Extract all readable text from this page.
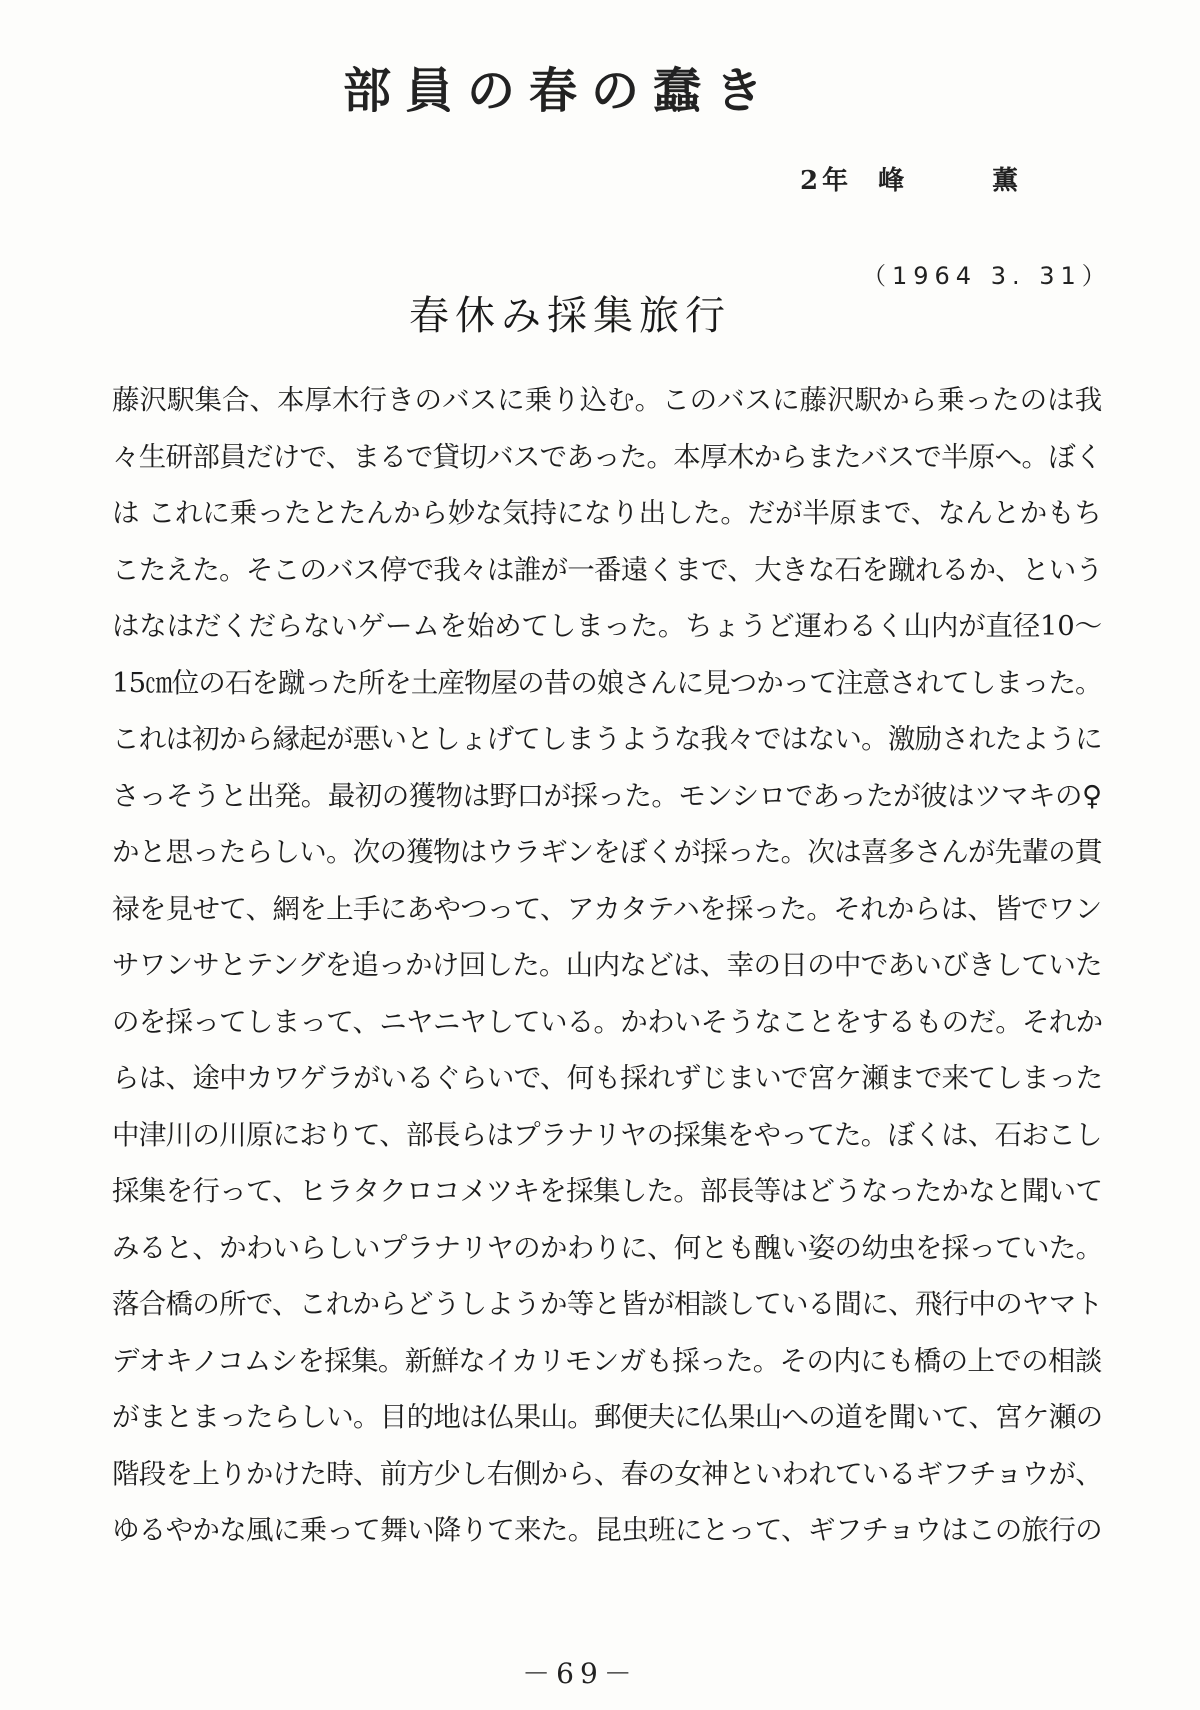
部員の春の蠢き
2年 峰	薫
（1964 3. 31）
春休み採集旅行
藤沢駅集合、本厚木行きのバスに乗り込む。このバスに藤沢駅から乗ったのは我
々生研部員だけで、まるで貸切バスであった。本厚木からまたバスで半原へ。ぼく
は これに乗ったとたんから妙な気持になり出した。だが半原まで、なんとかもち
こたえた。そこのバス停で我々は誰が一番遠くまで、大きな石を蹴れるか、という
はなはだくだらないゲームを始めてしまった。ちょうど運わるく山内が直径10～
15㎝位の石を蹴った所を土産物屋の昔の娘さんに見つかって注意されてしまった。
これは初から縁起が悪いとしょげてしまうような我々ではない。激励されたように
さっそうと出発。最初の獲物は野口が採った。モンシロであったが彼はツマキの♀
かと思ったらしい。次の獲物はウラギンをぼくが採った。次は喜多さんが先輩の貫
禄を見せて、網を上手にあやつって、アカタテハを採った。それからは、皆でワン
サワンサとテングを追っかけ回した。山内などは、幸の日の中であいびきしていた
のを採ってしまって、ニヤニヤしている。かわいそうなことをするものだ。それか
らは、途中カワゲラがいるぐらいで、何も採れずじまいで宮ケ瀬まで来てしまった
中津川の川原におりて、部長らはプラナリヤの採集をやってた。ぼくは、石おこし
採集を行って、ヒラタクロコメツキを採集した。部長等はどうなったかなと聞いて
みると、かわいらしいプラナリヤのかわりに、何とも醜い姿の幼虫を採っていた。
落合橋の所で、これからどうしようか等と皆が相談している間に、飛行中のヤマト
デオキノコムシを採集。新鮮なイカリモンガも採った。その内にも橋の上での相談
がまとまったらしい。目的地は仏果山。郵便夫に仏果山への道を聞いて、宮ケ瀬の
階段を上りかけた時、前方少し右側から、春の女神といわれているギフチョウが、
ゆるやかな風に乗って舞い降りて来た。昆虫班にとって、ギフチョウはこの旅行の
－69－
